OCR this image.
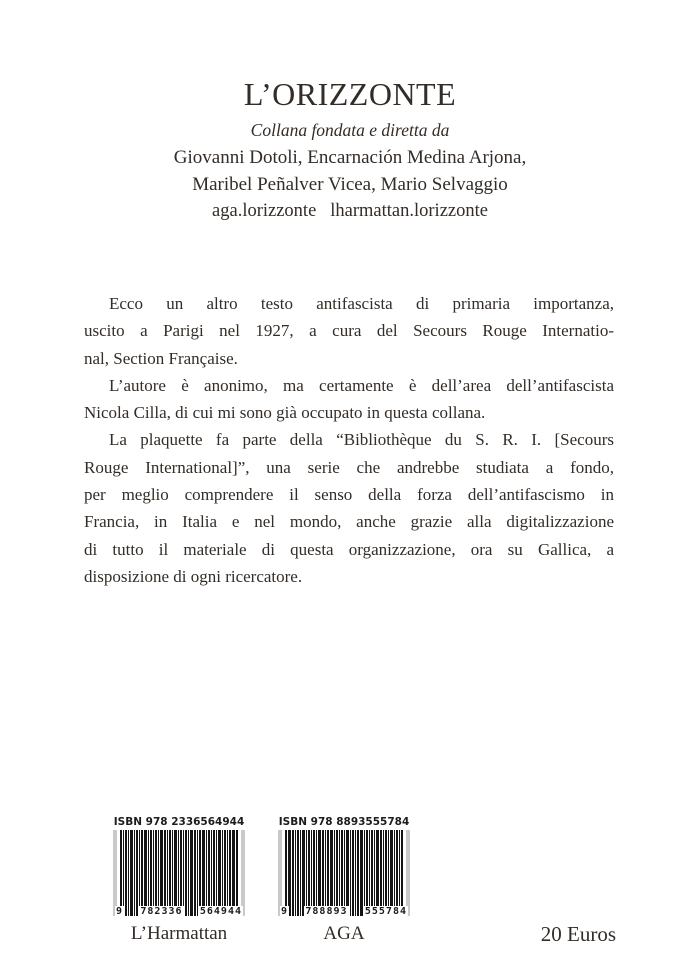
L’ORIZZONTE
Collana fondata e diretta da
Giovanni Dotoli, Encarnación Medina Arjona,
Maribel Peñalver Vicea, Mario Selvaggio
aga.lorizzonte lharmattan.lorizzonte
Ecco un altro testo antifascista di primaria importanza,
uscito a Parigi nel 1927, a cura del Secours Rouge Internatio-
nal, Section Française.
L’autore è anonimo, ma certamente è dell’area dell’antifascista
Nicola Cilla, di cui mi sono già occupato in questa collana.
La plaquette fa parte della “Bibliothèque du S. R. I. [Secours
Rouge International]”, una serie che andrebbe studiata a fondo,
per meglio comprendere il senso della forza dell’antifascismo in
Francia, in Italia e nel mondo, anche grazie alla digitalizzazione
di tutto il materiale di questa organizzazione, ora su Gallica, a
disposizione di ogni ricercatore.
ISBN 978 2336564944
9 782336 564944
L’Harmattan
ISBN 978 8893555784
9 788893 555784
AGA	20 Euros
